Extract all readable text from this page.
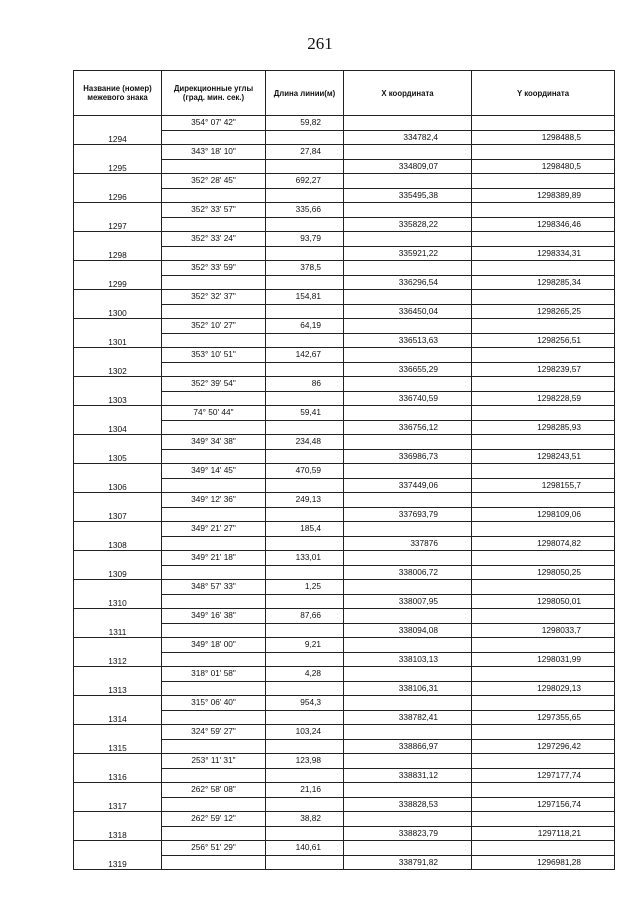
261
Название (номер) межевого знака	Дирекционные углы (град. мин. сек.)	Длина линии(м)	X координата	Y координата
	354° 07' 42"	59,82		
1294			334782,4	1298488,5
	343° 18' 10"	27,84		
1295			334809,07	1298480,5
	352° 28' 45"	692,27		
1296			335495,38	1298389,89
	352° 33' 57"	335,66		
1297			335828,22	1298346,46
	352° 33' 24"	93,79		
1298			335921,22	1298334,31
	352° 33' 59"	378,5		
1299			336296,54	1298285,34
	352° 32' 37"	154,81		
1300			336450,04	1298265,25
	352° 10' 27"	64,19		
1301			336513,63	1298256,51
	353° 10' 51"	142,67		
1302			336655,29	1298239,57
	352° 39' 54"	86		
1303			336740,59	1298228,59
	74° 50' 44"	59,41		
1304			336756,12	1298285,93
	349° 34' 38"	234,48		
1305			336986,73	1298243,51
	349° 14' 45"	470,59		
1306			337449,06	1298155,7
	349° 12' 36"	249,13		
1307			337693,79	1298109,06
	349° 21' 27"	185,4		
1308			337876	1298074,82
	349° 21' 18"	133,01		
1309			338006,72	1298050,25
	348° 57' 33"	1,25		
1310			338007,95	1298050,01
	349° 16' 38"	87,66		
1311			338094,08	1298033,7
	349° 18' 00"	9,21		
1312			338103,13	1298031,99
	318° 01' 58"	4,28		
1313			338106,31	1298029,13
	315° 06' 40"	954,3		
1314			338782,41	1297355,65
	324° 59' 27"	103,24		
1315			338866,97	1297296,42
	253° 11' 31"	123,98		
1316			338831,12	1297177,74
	262° 58' 08"	21,16		
1317			338828,53	1297156,74
	262° 59' 12"	38,82		
1318			338823,79	1297118,21
	256° 51' 29"	140,61		
1319			338791,82	1296981,28
